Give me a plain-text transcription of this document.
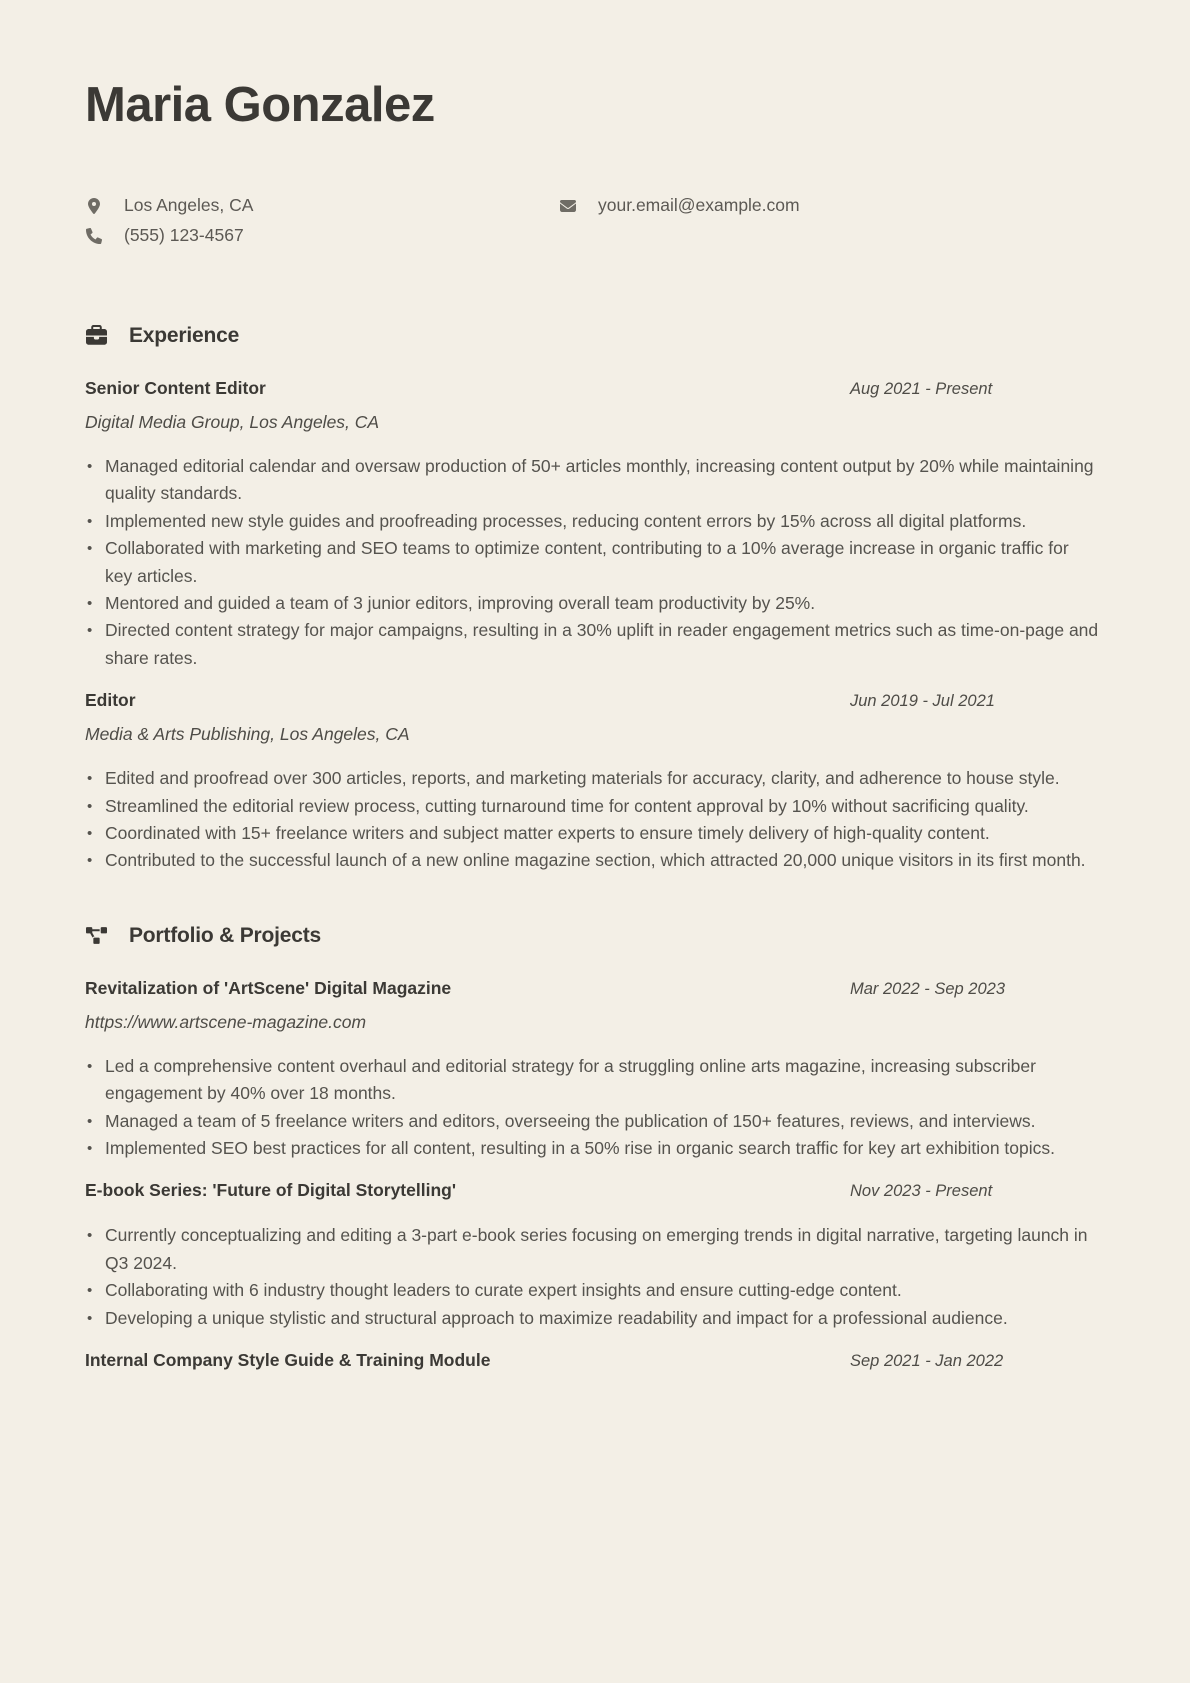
Maria Gonzalez
Los Angeles, CA
(555) 123-4567
your.email@example.com
Experience
Senior Content Editor	Aug 2021 - Present
Digital Media Group, Los Angeles, CA
• Managed editorial calendar and oversaw production of 50+ articles monthly, increasing content output by 20% while maintaining quality standards.
• Implemented new style guides and proofreading processes, reducing content errors by 15% across all digital platforms.
• Collaborated with marketing and SEO teams to optimize content, contributing to a 10% average increase in organic traffic for key articles.
• Mentored and guided a team of 3 junior editors, improving overall team productivity by 25%.
• Directed content strategy for major campaigns, resulting in a 30% uplift in reader engagement metrics such as time-on-page and share rates.
Editor	Jun 2019 - Jul 2021
Media & Arts Publishing, Los Angeles, CA
• Edited and proofread over 300 articles, reports, and marketing materials for accuracy, clarity, and adherence to house style.
• Streamlined the editorial review process, cutting turnaround time for content approval by 10% without sacrificing quality.
• Coordinated with 15+ freelance writers and subject matter experts to ensure timely delivery of high-quality content.
• Contributed to the successful launch of a new online magazine section, which attracted 20,000 unique visitors in its first month.
Portfolio & Projects
Revitalization of 'ArtScene' Digital Magazine	Mar 2022 - Sep 2023
https://www.artscene-magazine.com
• Led a comprehensive content overhaul and editorial strategy for a struggling online arts magazine, increasing subscriber engagement by 40% over 18 months.
• Managed a team of 5 freelance writers and editors, overseeing the publication of 150+ features, reviews, and interviews.
• Implemented SEO best practices for all content, resulting in a 50% rise in organic search traffic for key art exhibition topics.
E-book Series: 'Future of Digital Storytelling'	Nov 2023 - Present
• Currently conceptualizing and editing a 3-part e-book series focusing on emerging trends in digital narrative, targeting launch in Q3 2024.
• Collaborating with 6 industry thought leaders to curate expert insights and ensure cutting-edge content.
• Developing a unique stylistic and structural approach to maximize readability and impact for a professional audience.
Internal Company Style Guide & Training Module	Sep 2021 - Jan 2022
